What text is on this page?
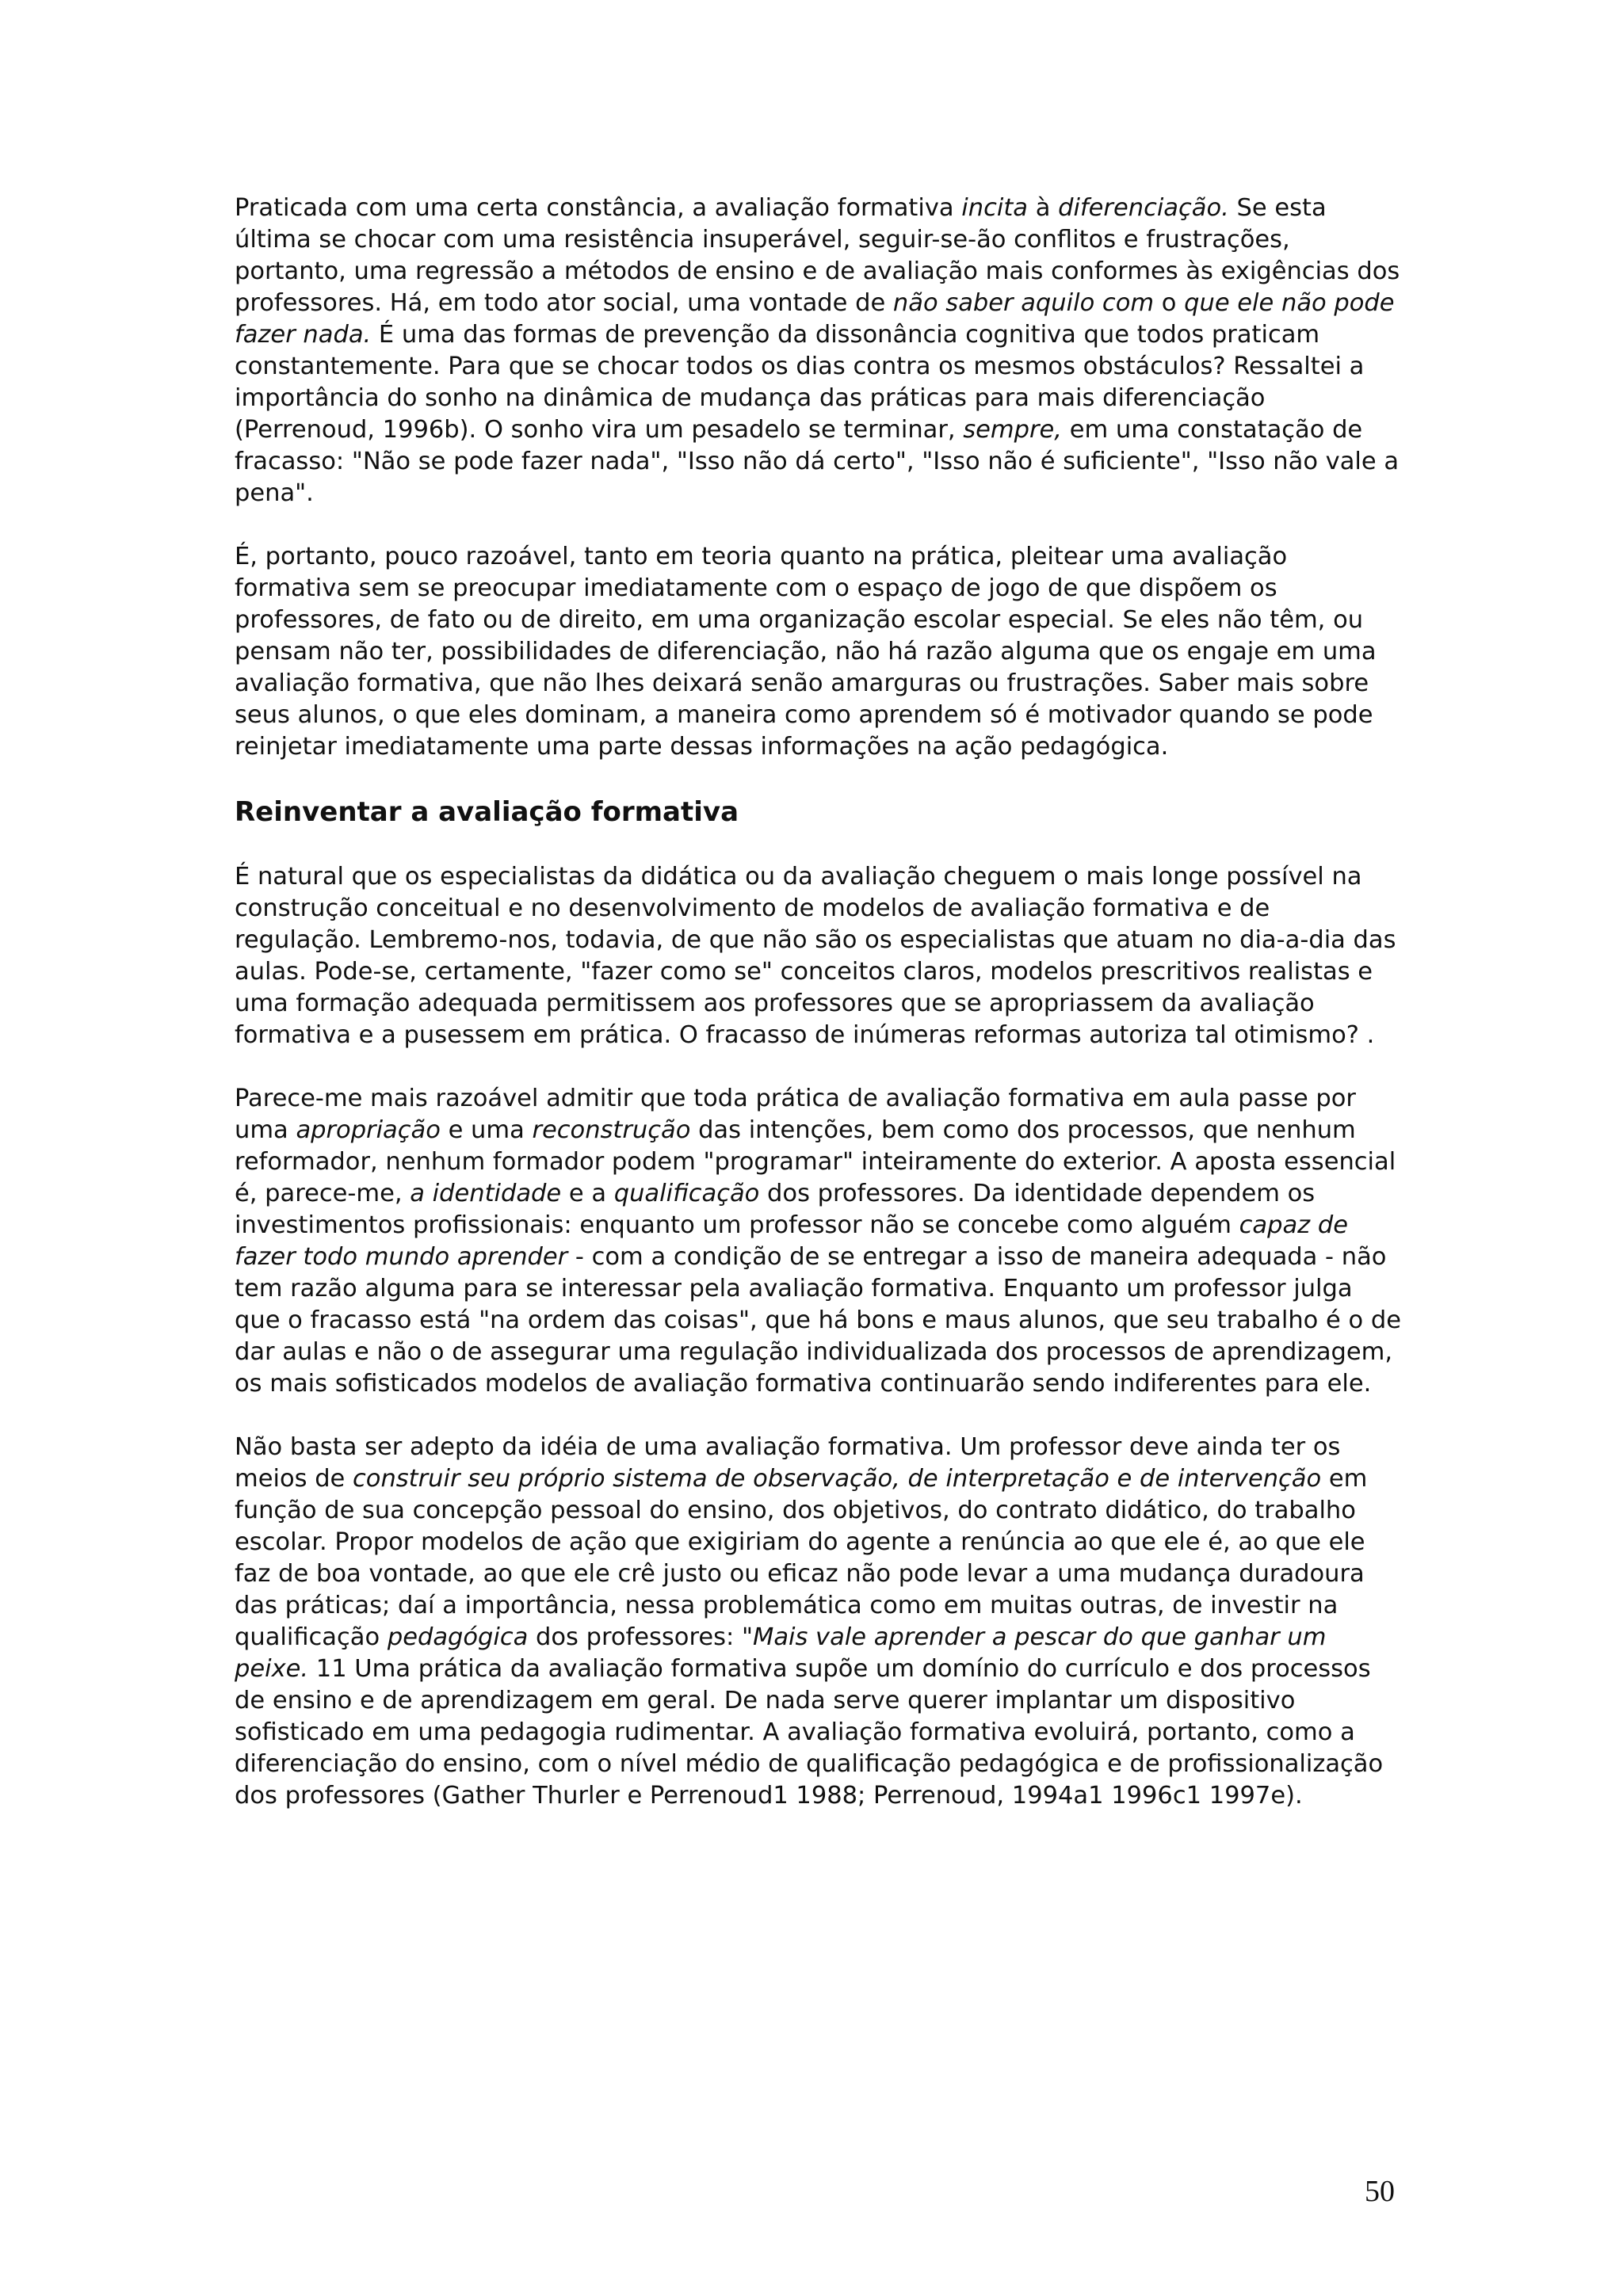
Praticada com uma certa constância, a avaliação formativa incita à diferenciação. Se esta última se chocar com uma resistência insuperável, seguir-se-ão conflitos e frustrações, portanto, uma regressão a métodos de ensino e de avaliação mais conformes às exigências dos professores. Há, em todo ator social, uma vontade de não saber aquilo com o que ele não pode fazer nada. É uma das formas de prevenção da dissonância cognitiva que todos praticam constantemente. Para que se chocar todos os dias contra os mesmos obstáculos? Ressaltei a importância do sonho na dinâmica de mudança das práticas para mais diferenciação (Perrenoud, 1996b). O sonho vira um pesadelo se terminar, sempre, em uma constatação de fracasso: "Não se pode fazer nada", "Isso não dá certo", "Isso não é suficiente", "Isso não vale a pena".

É, portanto, pouco razoável, tanto em teoria quanto na prática, pleitear uma avaliação formativa sem se preocupar imediatamente com o espaço de jogo de que dispõem os professores, de fato ou de direito, em uma organização escolar especial. Se eles não têm, ou pensam não ter, possibilidades de diferenciação, não há razão alguma que os engaje em uma avaliação formativa, que não lhes deixará senão amarguras ou frustrações. Saber mais sobre seus alunos, o que eles dominam, a maneira como aprendem só é motivador quando se pode reinjetar imediatamente uma parte dessas informações na ação pedagógica.

Reinventar a avaliação formativa

É natural que os especialistas da didática ou da avaliação cheguem o mais longe possível na construção conceitual e no desenvolvimento de modelos de avaliação formativa e de regulação. Lembremo-nos, todavia, de que não são os especialistas que atuam no dia-a-dia das aulas. Pode-se, certamente, "fazer como se" conceitos claros, modelos prescritivos realistas e uma formação adequada permitissem aos professores que se apropriassem da avaliação formativa e a pusessem em prática. O fracasso de inúmeras reformas autoriza tal otimismo? .

Parece-me mais razoável admitir que toda prática de avaliação formativa em aula passe por uma apropriação e uma reconstrução das intenções, bem como dos processos, que nenhum reformador, nenhum formador podem "programar" inteiramente do exterior. A aposta essencial é, parece-me, a identidade e a qualificação dos professores. Da identidade dependem os investimentos profissionais: enquanto um professor não se concebe como alguém capaz de fazer todo mundo aprender - com a condição de se entregar a isso de maneira adequada - não tem razão alguma para se interessar pela avaliação formativa. Enquanto um professor julga que o fracasso está "na ordem das coisas", que há bons e maus alunos, que seu trabalho é o de dar aulas e não o de assegurar uma regulação individualizada dos processos de aprendizagem, os mais sofisticados modelos de avaliação formativa continuarão sendo indiferentes para ele.

Não basta ser adepto da idéia de uma avaliação formativa. Um professor deve ainda ter os meios de construir seu próprio sistema de observação, de interpretação e de intervenção em função de sua concepção pessoal do ensino, dos objetivos, do contrato didático, do trabalho escolar. Propor modelos de ação que exigiriam do agente a renúncia ao que ele é, ao que ele faz de boa vontade, ao que ele crê justo ou eficaz não pode levar a uma mudança duradoura das práticas; daí a importância, nessa problemática como em muitas outras, de investir na qualificação pedagógica dos professores: "Mais vale aprender a pescar do que ganhar um peixe. 11 Uma prática da avaliação formativa supõe um domínio do currículo e dos processos de ensino e de aprendizagem em geral. De nada serve querer implantar um dispositivo sofisticado em uma pedagogia rudimentar. A avaliação formativa evoluirá, portanto, como a diferenciação do ensino, com o nível médio de qualificação pedagógica e de profissionalização dos professores (Gather Thurler e Perrenoud1 1988; Perrenoud, 1994a1 1996c1 1997e).

50
